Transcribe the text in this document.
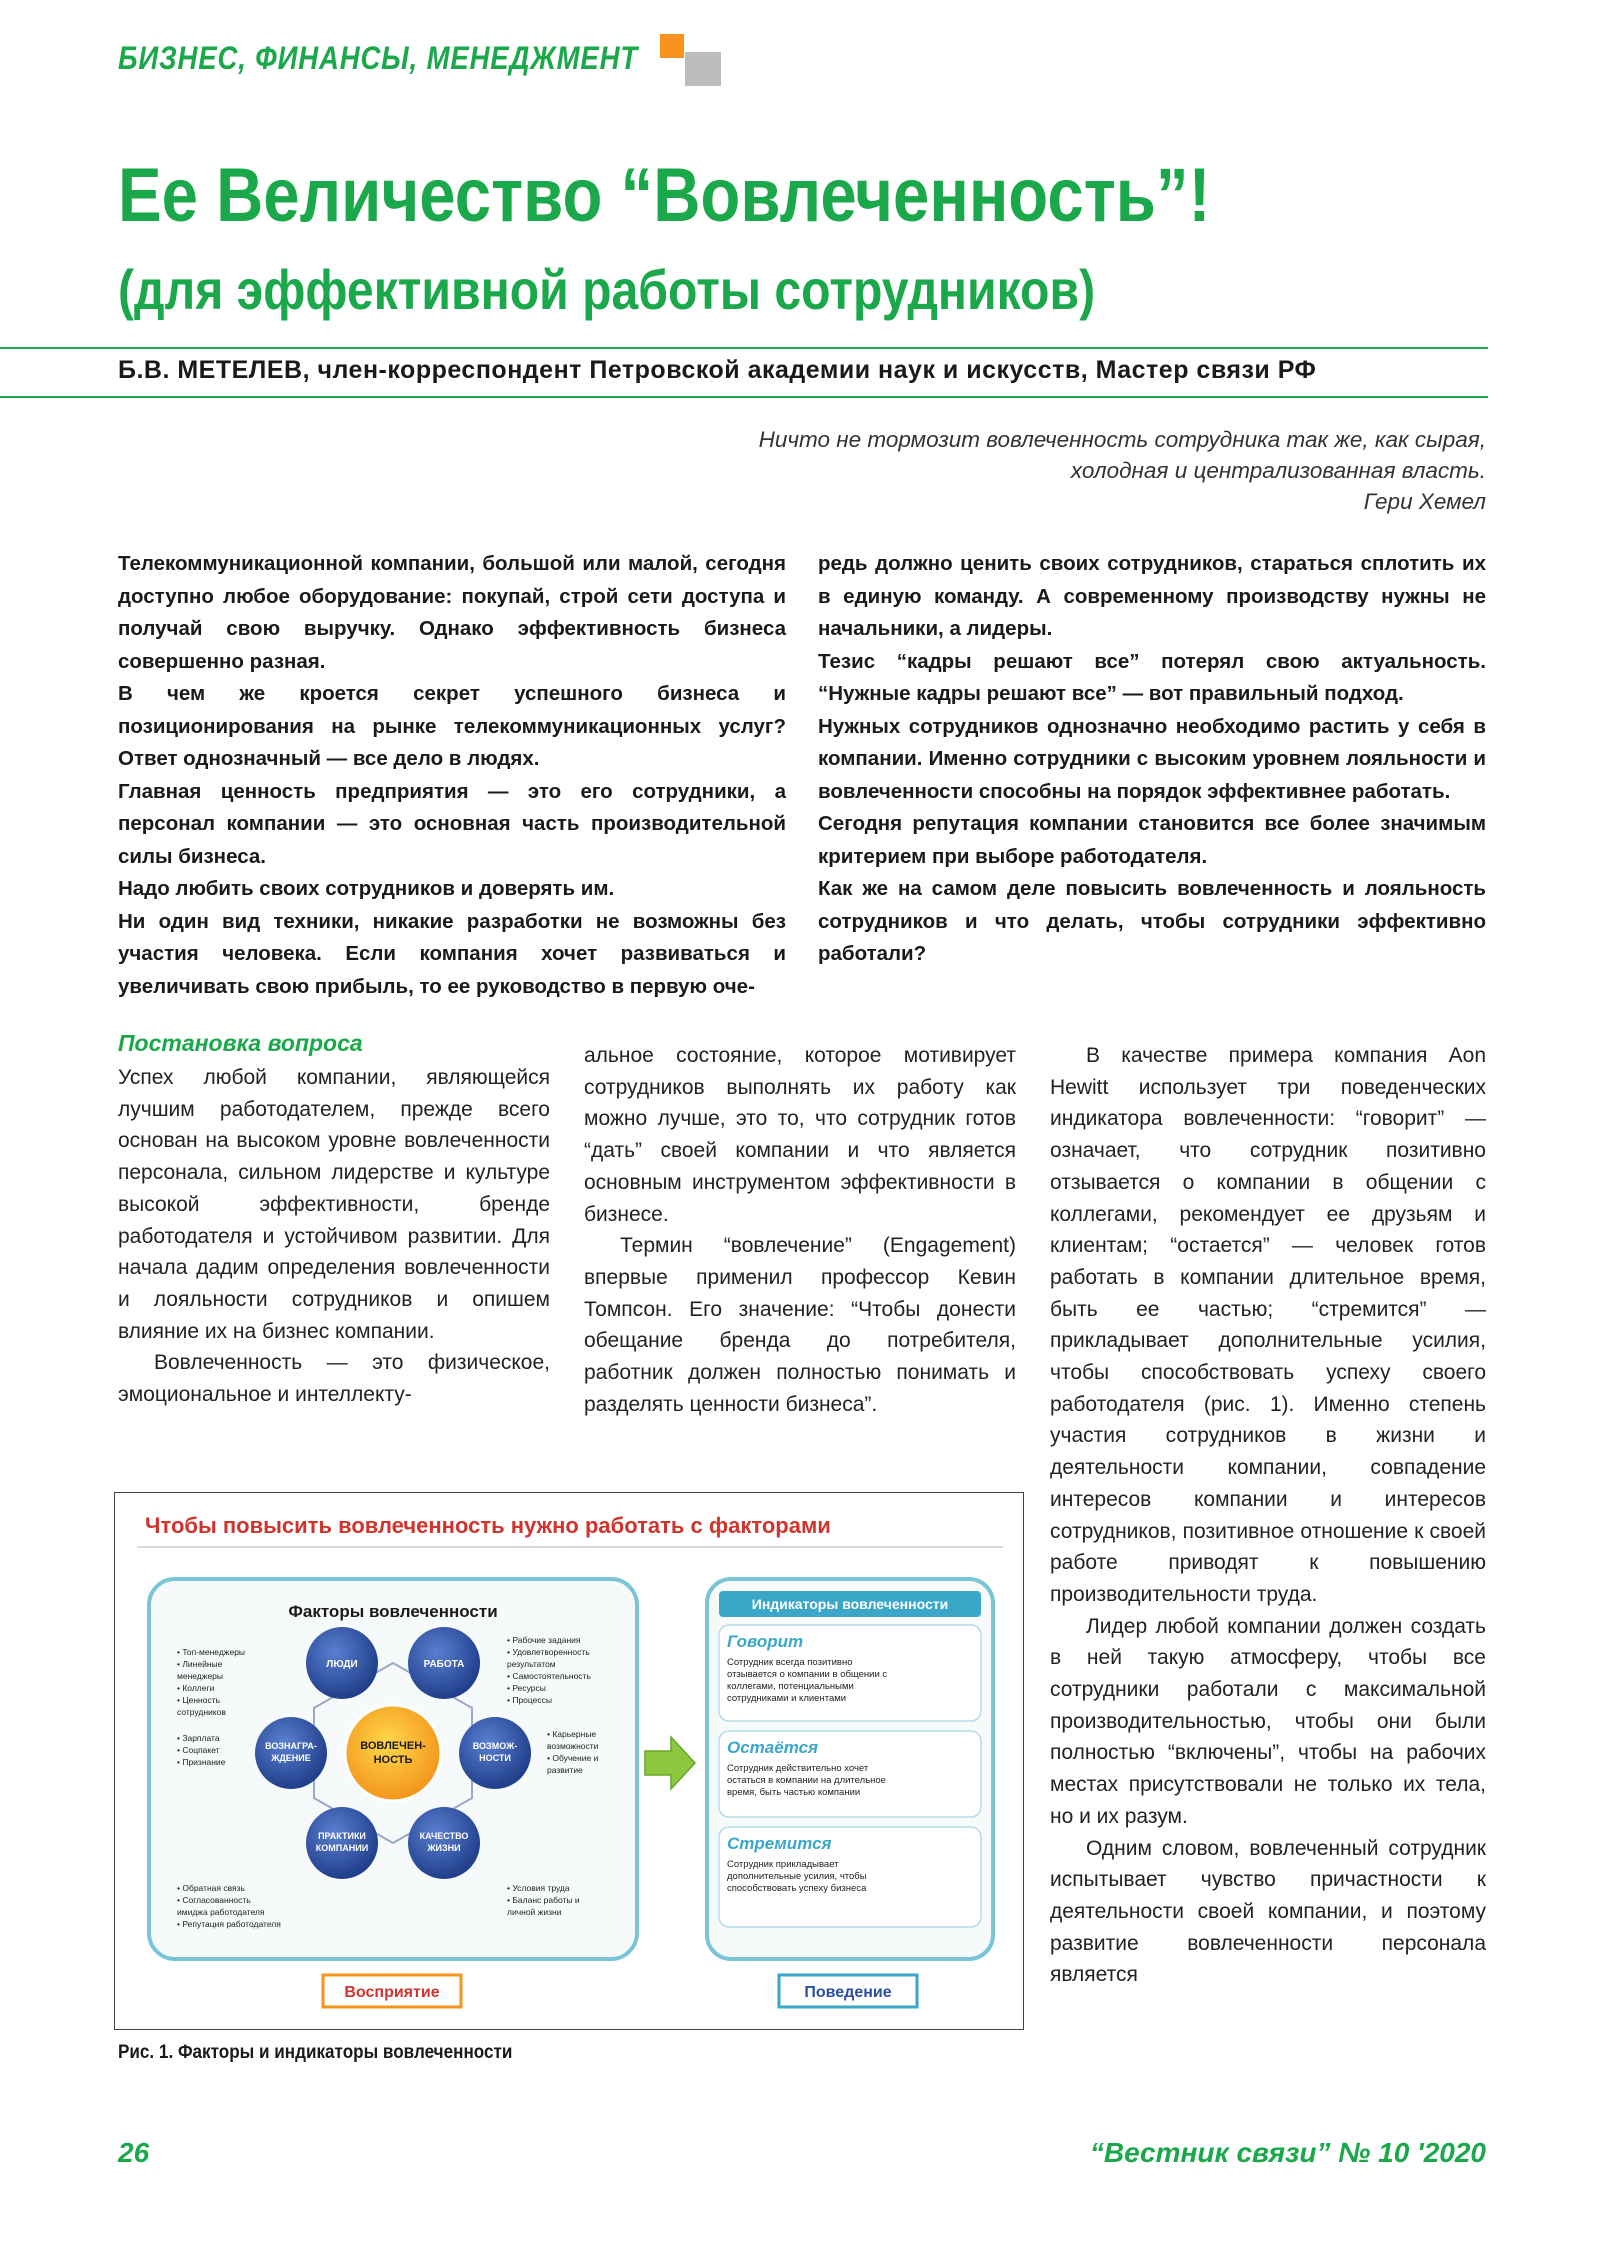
БИЗНЕС, ФИНАНСЫ, МЕНЕДЖМЕНТ
Ее Величество “Вовлеченность”!
(для эффективной работы сотрудников)
Б.В. МЕТЕЛЕВ, член-корреспондент Петровской академии наук и искусств, Мастер связи РФ
Ничто не тормозит вовлеченность сотрудника так же, как сырая,
холодная и централизованная власть.
Гери Хемел

Телекоммуникационной компании, большой или малой, сегодня доступно любое оборудование: покупай, строй сети доступа и получай свою выручку. Однако эффективность бизнеса совершенно разная.

В чем же кроется секрет успешного бизнеса и позиционирования на рынке телекоммуникационных услуг? Ответ однозначный — все дело в людях.

Главная ценность предприятия — это его сотрудники, а персонал компании — это основная часть производительной силы бизнеса.

Надо любить своих сотрудников и доверять им.

Ни один вид техники, никакие разработки не возможны без участия человека. Если компания хочет развиваться и увеличивать свою прибыль, то ее руководство в первую оче-

редь должно ценить своих сотрудников, стараться сплотить их в единую команду. А современному производству нужны не начальники, а лидеры.

Тезис “кадры решают все” потерял свою актуальность. “Нужные кадры решают все” — вот правильный подход.

Нужных сотрудников однозначно необходимо растить у себя в компании. Именно сотрудники с высоким уровнем лояльности и вовлеченности способны на порядок эффективнее работать.

Сегодня репутация компании становится все более значимым критерием при выборе работодателя.

Как же на самом деле повысить вовлеченность и лояльность сотрудников и что делать, чтобы сотрудники эффективно работали?

Постановка вопроса

Успех любой компании, являющейся лучшим работодателем, прежде всего основан на высоком уровне вовлеченности персонала, сильном лидерстве и культуре высокой эффективности, бренде работодателя и устойчивом развитии. Для начала дадим определения вовлеченности и лояльности сотрудников и опишем влияние их на бизнес компании.

Вовлеченность — это физическое, эмоциональное и интеллекту-

альное состояние, которое мотивирует сотрудников выполнять их работу как можно лучше, это то, что сотрудник готов “дать” своей компании и что является основным инструментом эффективности в бизнесе.

Термин “вовлечение” (Engagement) впервые применил профессор Кевин Томпсон. Его значение: “Чтобы донести обещание бренда до потребителя, работник должен полностью понимать и разделять ценности бизнеса”.

В качестве примера компания Aon Hewitt использует три поведенческих индикатора вовлеченности: “говорит” — означает, что сотрудник позитивно отзывается о компании в общении с коллегами, рекомендует ее друзьям и клиентам; “остается” — человек готов работать в компании длительное время, быть ее частью; “стремится” — прикладывает дополнительные усилия, чтобы способствовать успеху своего работодателя (рис. 1). Именно степень участия сотрудников в жизни и деятельности компании, совпадение интересов компании и интересов сотрудников, позитивное отношение к своей работе приводят к повышению производительности труда.

Лидер любой компании должен создать в ней такую атмосферу, чтобы все сотрудники работали с максимальной производительностью, чтобы они были полностью “включены”, чтобы на рабочих местах присутствовали не только их тела, но и их разум.

Одним словом, вовлеченный сотрудник испытывает чувство причастности к деятельности своей компании, и поэтому развитие вовлеченности персонала является

Чтобы повысить вовлеченность нужно работать с факторами
Факторы вовлеченности
ВОВЛЕЧЕН-
НОСТЬ
ЛЮДИ	РАБОТА
ВОЗМОЖ-
НОСТИ
КАЧЕСТВО
ЖИЗНИ
ПРАКТИКИ
КОМПАНИИ
ВОЗНАГРА-
ЖДЕНИЕ
• Топ-менеджеры • Линейные менеджеры • Коллеги • Ценность сотрудников
• Рабочие задания • Удовлетворенность результатом • Самостоятельность • Ресурсы • Процессы
• Карьерные возможности • Обучение и развитие
• Условия труда • Баланс работы и личной жизни
• Обратная связь • Согласованность имиджа работодателя • Репутация работодателя
• Зарплата • Соцпакет • Признание
Индикаторы вовлеченности
Говорит
Сотрудник всегда позитивно отзывается о компании в общении с коллегами, потенциальными сотрудниками и клиентами
Остаётся
Сотрудник действительно хочет остаться в компании на длительное время, быть частью компании
Стремится
Сотрудник прикладывает дополнительные усилия, чтобы способствовать успеху бизнеса
Восприятие	Поведение
Рис. 1. Факторы и индикаторы вовлеченности
26	“Вестник связи” № 10 '2020
